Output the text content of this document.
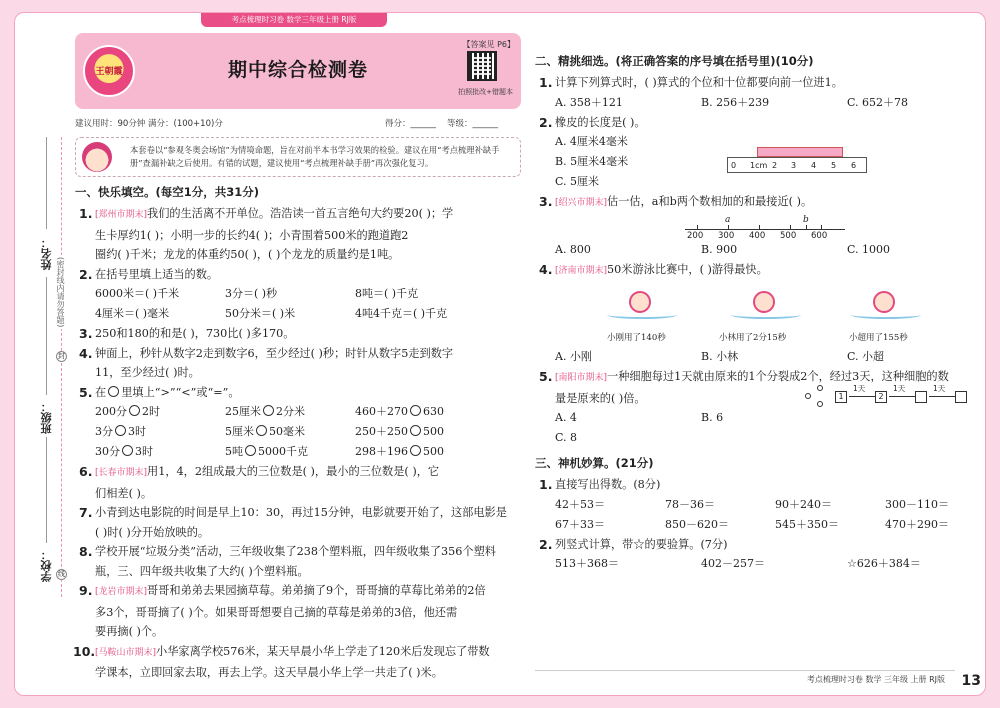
考点梳理时习卷 数学三年级上册 RJ版
姓名：
班级：
学校：
(密封线内请勿答题)
封
线
王朝霞	期中综合检测卷
【答案见 P6】
拍照批改+错题本
建议用时：90分钟 满分：(100+10)分	得分：______ 等级：______
本套卷以“参观冬奥会场馆”为情境命题，旨在对前半本书学习效果的检验。建议在用“考点梳理补缺手册”查漏补缺之后使用。有错的试题，建议使用“考点梳理补缺手册”再次强化复习。
一、快乐填空。(每空1分，共31分)
1. [郑州市期末]我们的生活离不开单位。浩浩读一首五言绝句大约要20( )；学
生卡厚约1( )；小明一步的长约4( )；小青围着500米的跑道跑2
圈约( )千米；龙龙的体重约50( )，( )个龙龙的质量约是1吨。
2. 在括号里填上适当的数。
6000米＝( )千米	3分＝( )秒	8吨＝( )千克
4厘米＝( )毫米	50分米＝( )米	4吨4千克＝( )千克
3. 250和180的和是( )，730比( )多170。
4. 钟面上，秒针从数字2走到数字6，至少经过( )秒；时针从数字5走到数字
11，至少经过( )时。
5. 在 里填上“>”“<”或“=”。
200分 2时	25厘米 2分米	460＋270 630
3分 3时	5厘米 50毫米	250＋250 500
30分 3时	5吨 5000千克	298＋196 500
6. [长春市期末]用1，4，2组成最大的三位数是( )，最小的三位数是( )，它
们相差( )。
7. 小青到达电影院的时间是早上10：30，再过15分钟，电影就要开始了，这部电影是
( )时( )分开始放映的。
8. 学校开展“垃圾分类”活动，三年级收集了238个塑料瓶，四年级收集了356个塑料
瓶，三、四年级共收集了大约( )个塑料瓶。
9. [龙岩市期末]哥哥和弟弟去果园摘草莓。弟弟摘了9个，哥哥摘的草莓比弟弟的2倍
多3个，哥哥摘了( )个。如果哥哥想要自己摘的草莓是弟弟的3倍，他还需
要再摘( )个。
10. [马鞍山市期末]小华家离学校576米，某天早晨小华上学走了120米后发现忘了带数
学课本，立即回家去取，再去上学。这天早晨小华上学一共走了( )米。
二、精挑细选。(将正确答案的序号填在括号里)(10分)
1. 计算下列算式时，( )算式的个位和十位都要向前一位进1。
A. 358＋121	B. 256＋239	C. 652＋78
2. 橡皮的长度是( )。
A. 4厘米4毫米
B. 5厘米4毫米
C. 5厘米
0 1cm 2 3 4 5 6
3. [绍兴市期末]估一估，a和b两个数相加的和最接近( )。
a	b
200 300 400 500 600
A. 800	B. 900	C. 1000
4. [济南市期末]50米游泳比赛中，( )游得最快。
小刚用了140秒	小林用了2分15秒	小超用了155秒
A. 小刚	B. 小林	C. 小超
5. [南阳市期末]一种细胞每过1天就由原来的1个分裂成2个，经过3天，这种细胞的数
量是原来的( )倍。
A. 4	B. 6
C. 8
1
1天
2
1天	1天
三、神机妙算。(21分)
1. 直接写出得数。(8分)
42＋53＝	78－36＝	90＋240＝	300－110＝
67＋33＝	850－620＝	545＋350＝	470＋290＝
2. 列竖式计算，带☆的要验算。(7分)
513＋368＝	402－257＝	☆626＋384＝
考点梳理时习卷 数学 三年级 上册 RJ版 13
